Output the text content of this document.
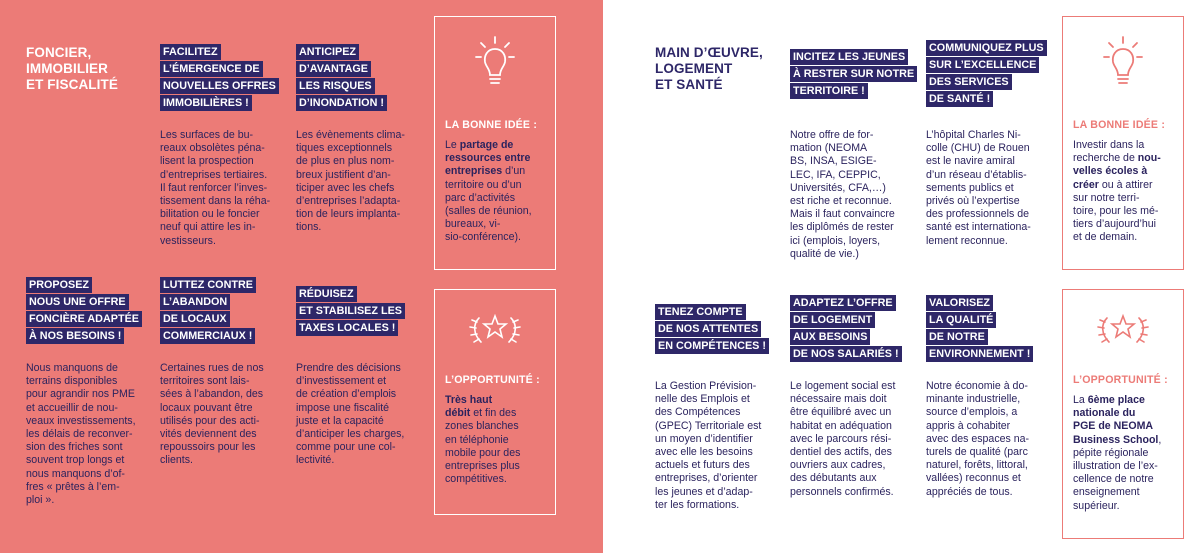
FONCIER,
IMMOBILIER
ET FISCALITÉ
FACILITEZ
L’ÉMERGENCE DE
NOUVELLES OFFRES
IMMOBILIÈRES !
Les surfaces de bu-
reaux obsolètes péna-
lisent la prospection
d’entreprises tertiaires.
Il faut renforcer l’inves-
tissement dans la réha-
bilitation ou le foncier
neuf qui attire les in-
vestisseurs.
ANTICIPEZ
D’AVANTAGE
LES RISQUES
D’INONDATION !
Les évènements clima-
tiques exceptionnels
de plus en plus nom-
breux justifient d’an-
ticiper avec les chefs
d’entreprises l’adapta-
tion de leurs implanta-
tions.
PROPOSEZ
NOUS UNE OFFRE
FONCIÈRE ADAPTÉE
À NOS BESOINS !
Nous manquons de
terrains disponibles
pour agrandir nos PME
et accueillir de nou-
veaux investissements,
les délais de reconver-
sion des friches sont
souvent trop longs et
nous manquons d’of-
fres « prêtes à l’em-
ploi ».
LUTTEZ CONTRE
L’ABANDON
DE LOCAUX
COMMERCIAUX !
Certaines rues de nos
territoires sont lais-
sées à l’abandon, des
locaux pouvant être
utilisés pour des acti-
vités deviennent des
repoussoirs pour les
clients.
RÉDUISEZ
ET STABILISEZ LES
TAXES LOCALES !
Prendre des décisions
d’investissement et
de création d’emplois
impose une fiscalité
juste et la capacité
d’anticiper les charges,
comme pour une col-
lectivité.
LA BONNE IDÉE :
Le partage de
ressources entre
entreprises d’un
territoire ou d’un
parc d’activités
(salles de réunion,
bureaux, vi-
sio-conférence).
L’OPPORTUNITÉ :
Très haut
débit et fin des
zones blanches
en téléphonie
mobile pour des
entreprises plus
compétitives.
MAIN D’ŒUVRE,
LOGEMENT
ET SANTÉ
INCITEZ LES JEUNES
À RESTER SUR NOTRE
TERRITOIRE !
Notre offre de for-
mation (NEOMA
BS, INSA, ESIGE-
LEC, IFA, CEPPIC,
Universités, CFA,…)
est riche et reconnue.
Mais il faut convaincre
les diplômés de rester
ici (emplois, loyers,
qualité de vie.)
COMMUNIQUEZ PLUS
SUR L’EXCELLENCE
DES SERVICES
DE SANTÉ !
L’hôpital Charles Ni-
colle (CHU) de Rouen
est le navire amiral
d’un réseau d’établis-
sements publics et
privés où l’expertise
des professionnels de
santé est internationa-
lement reconnue.
TENEZ COMPTE
DE NOS ATTENTES
EN COMPÉTENCES !
La Gestion Prévision-
nelle des Emplois et
des Compétences
(GPEC) Territoriale est
un moyen d’identifier
avec elle les besoins
actuels et futurs des
entreprises, d’orienter
les jeunes et d’adap-
ter les formations.
ADAPTEZ L’OFFRE
DE LOGEMENT
AUX BESOINS
DE NOS SALARIÉS !
Le logement social est
nécessaire mais doit
être équilibré avec un
habitat en adéquation
avec le parcours rési-
dentiel des actifs, des
ouvriers aux cadres,
des débutants aux
personnels confirmés.
VALORISEZ
LA QUALITÉ
DE NOTRE
ENVIRONNEMENT !
Notre économie à do-
minante industrielle,
source d’emplois, a
appris à cohabiter
avec des espaces na-
turels de qualité (parc
naturel, forêts, littoral,
vallées) reconnus et
appréciés de tous.
LA BONNE IDÉE :
Investir dans la
recherche de nou-
velles écoles à
créer ou à attirer
sur notre terri-
toire, pour les mé-
tiers d’aujourd’hui
et de demain.
L’OPPORTUNITÉ :
La 6ème place
nationale du
PGE de NEOMA
Business School,
pépite régionale
illustration de l’ex-
cellence de notre
enseignement
supérieur.
